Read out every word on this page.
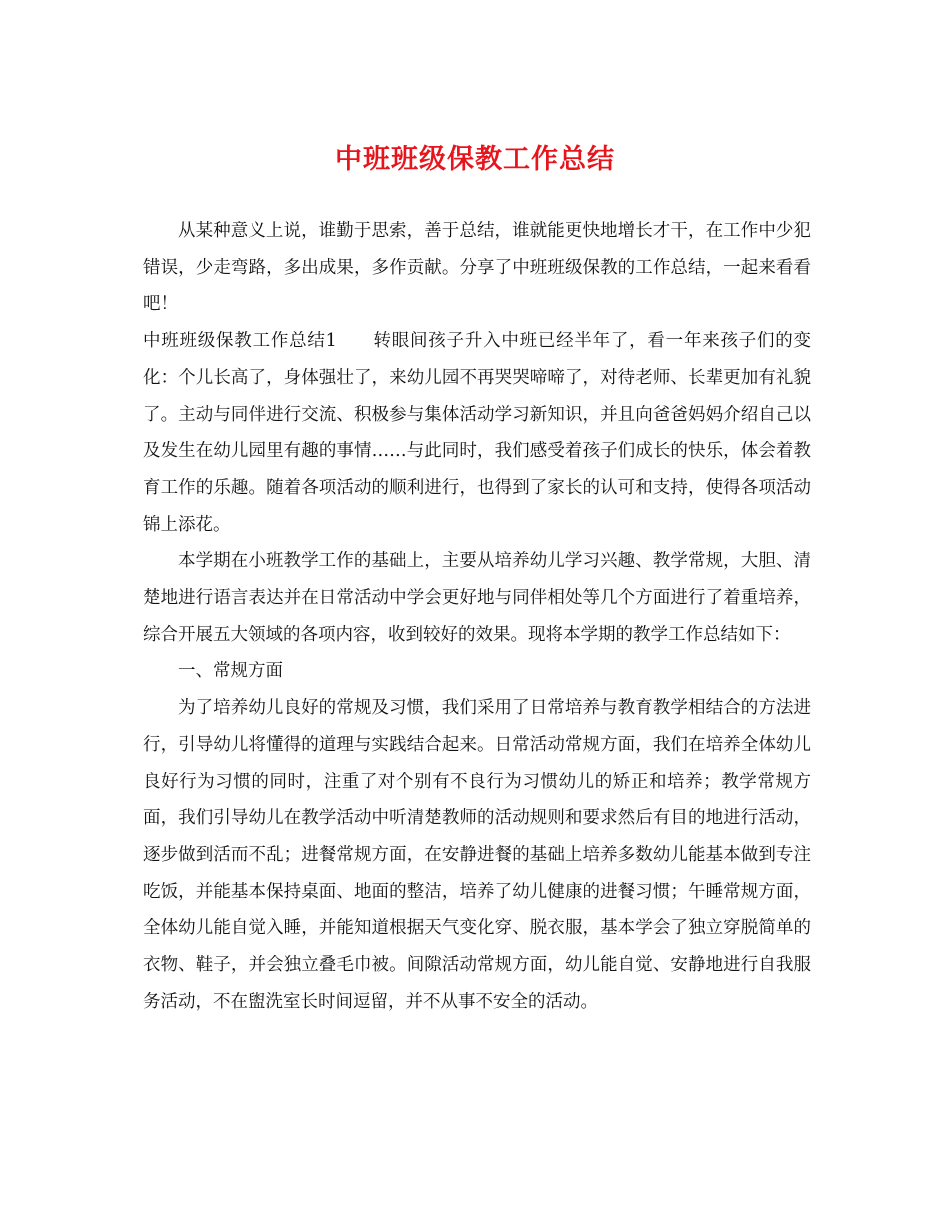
中班班级保教工作总结

从某种意义上说，谁勤于思索，善于总结，谁就能更快地增长才干，在工作中少犯错误，少走弯路，多出成果，多作贡献。分享了中班班级保教的工作总结，一起来看看吧！

中班班级保教工作总结1 转眼间孩子升入中班已经半年了，看一年来孩子们的变化：个儿长高了，身体强壮了，来幼儿园不再哭哭啼啼了，对待老师、长辈更加有礼貌了。主动与同伴进行交流、积极参与集体活动学习新知识，并且向爸爸妈妈介绍自己以及发生在幼儿园里有趣的事情……与此同时，我们感受着孩子们成长的快乐，体会着教育工作的乐趣。随着各项活动的顺利进行，也得到了家长的认可和支持，使得各项活动锦上添花。

本学期在小班教学工作的基础上，主要从培养幼儿学习兴趣、教学常规，大胆、清楚地进行语言表达并在日常活动中学会更好地与同伴相处等几个方面进行了着重培养，综合开展五大领域的各项内容，收到较好的效果。现将本学期的教学工作总结如下：

一、常规方面

为了培养幼儿良好的常规及习惯，我们采用了日常培养与教育教学相结合的方法进行，引导幼儿将懂得的道理与实践结合起来。日常活动常规方面，我们在培养全体幼儿良好行为习惯的同时，注重了对个别有不良行为习惯幼儿的矫正和培养；教学常规方面，我们引导幼儿在教学活动中听清楚教师的活动规则和要求然后有目的地进行活动，逐步做到活而不乱；进餐常规方面，在安静进餐的基础上培养多数幼儿能基本做到专注吃饭，并能基本保持桌面、地面的整洁，培养了幼儿健康的进餐习惯；午睡常规方面，全体幼儿能自觉入睡，并能知道根据天气变化穿、脱衣服，基本学会了独立穿脱简单的衣物、鞋子，并会独立叠毛巾被。间隙活动常规方面，幼儿能自觉、安静地进行自我服务活动，不在盥洗室长时间逗留，并不从事不安全的活动。
